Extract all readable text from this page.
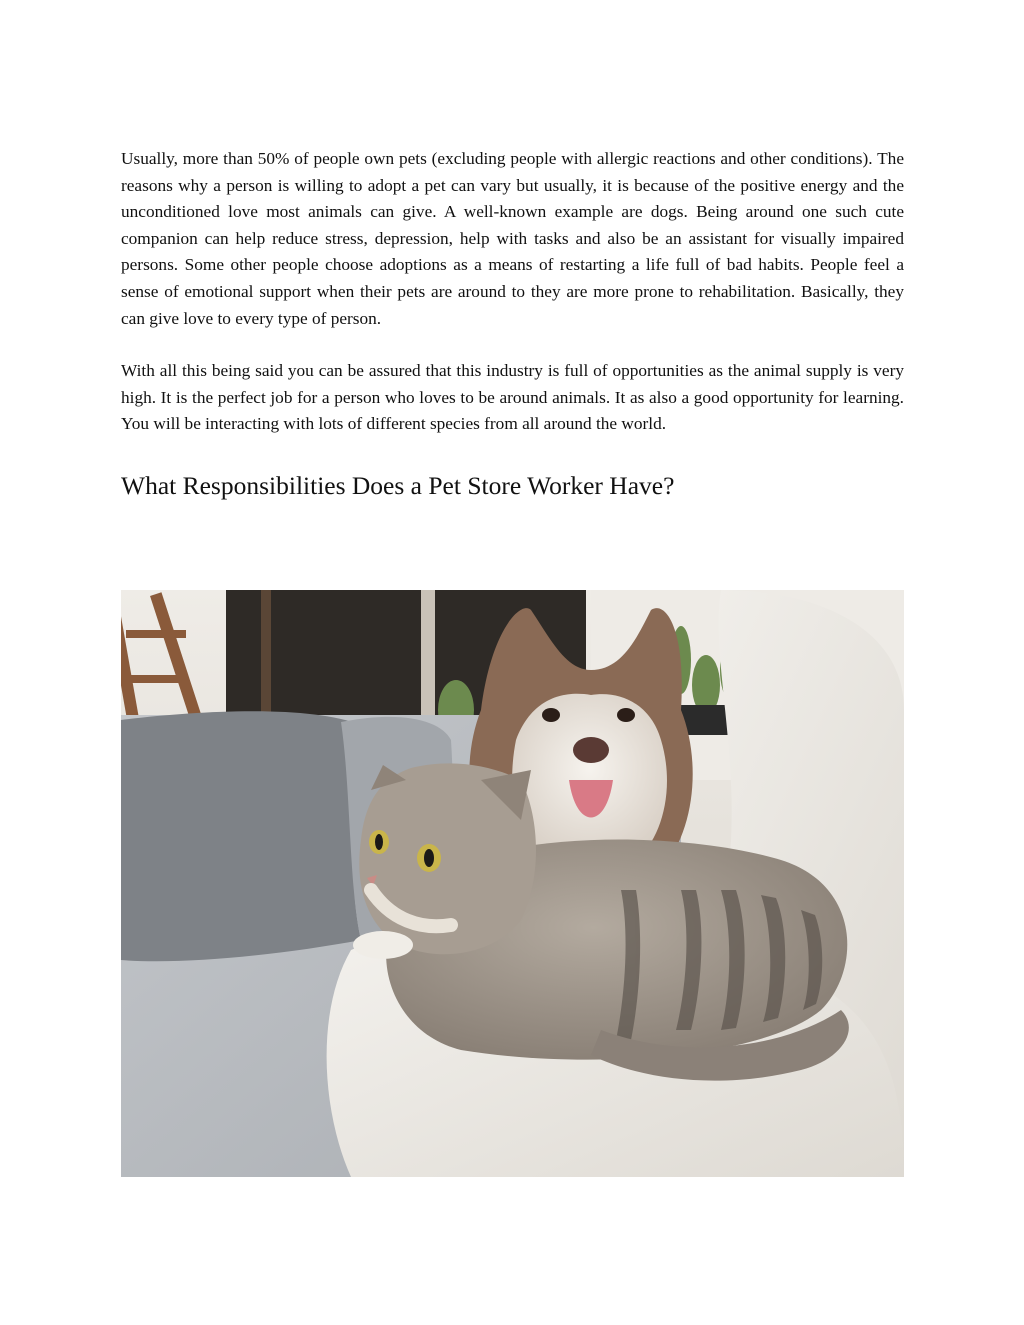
Usually, more than 50% of people own pets (excluding people with allergic reactions and other conditions). The reasons why a person is willing to adopt a pet can vary but usually, it is because of the positive energy and the unconditioned love most animals can give. A well-known example are dogs. Being around one such cute companion can help reduce stress, depression, help with tasks and also be an assistant for visually impaired persons. Some other people choose adoptions as a means of restarting a life full of bad habits. People feel a sense of emotional support when their pets are around to they are more prone to rehabilitation. Basically, they can give love to every type of person.

With all this being said you can be assured that this industry is full of opportunities as the animal supply is very high. It is the perfect job for a person who loves to be around animals. It as also a good opportunity for learning. You will be interacting with lots of different species from all around the world.

What Responsibilities Does a Pet Store Worker Have?
